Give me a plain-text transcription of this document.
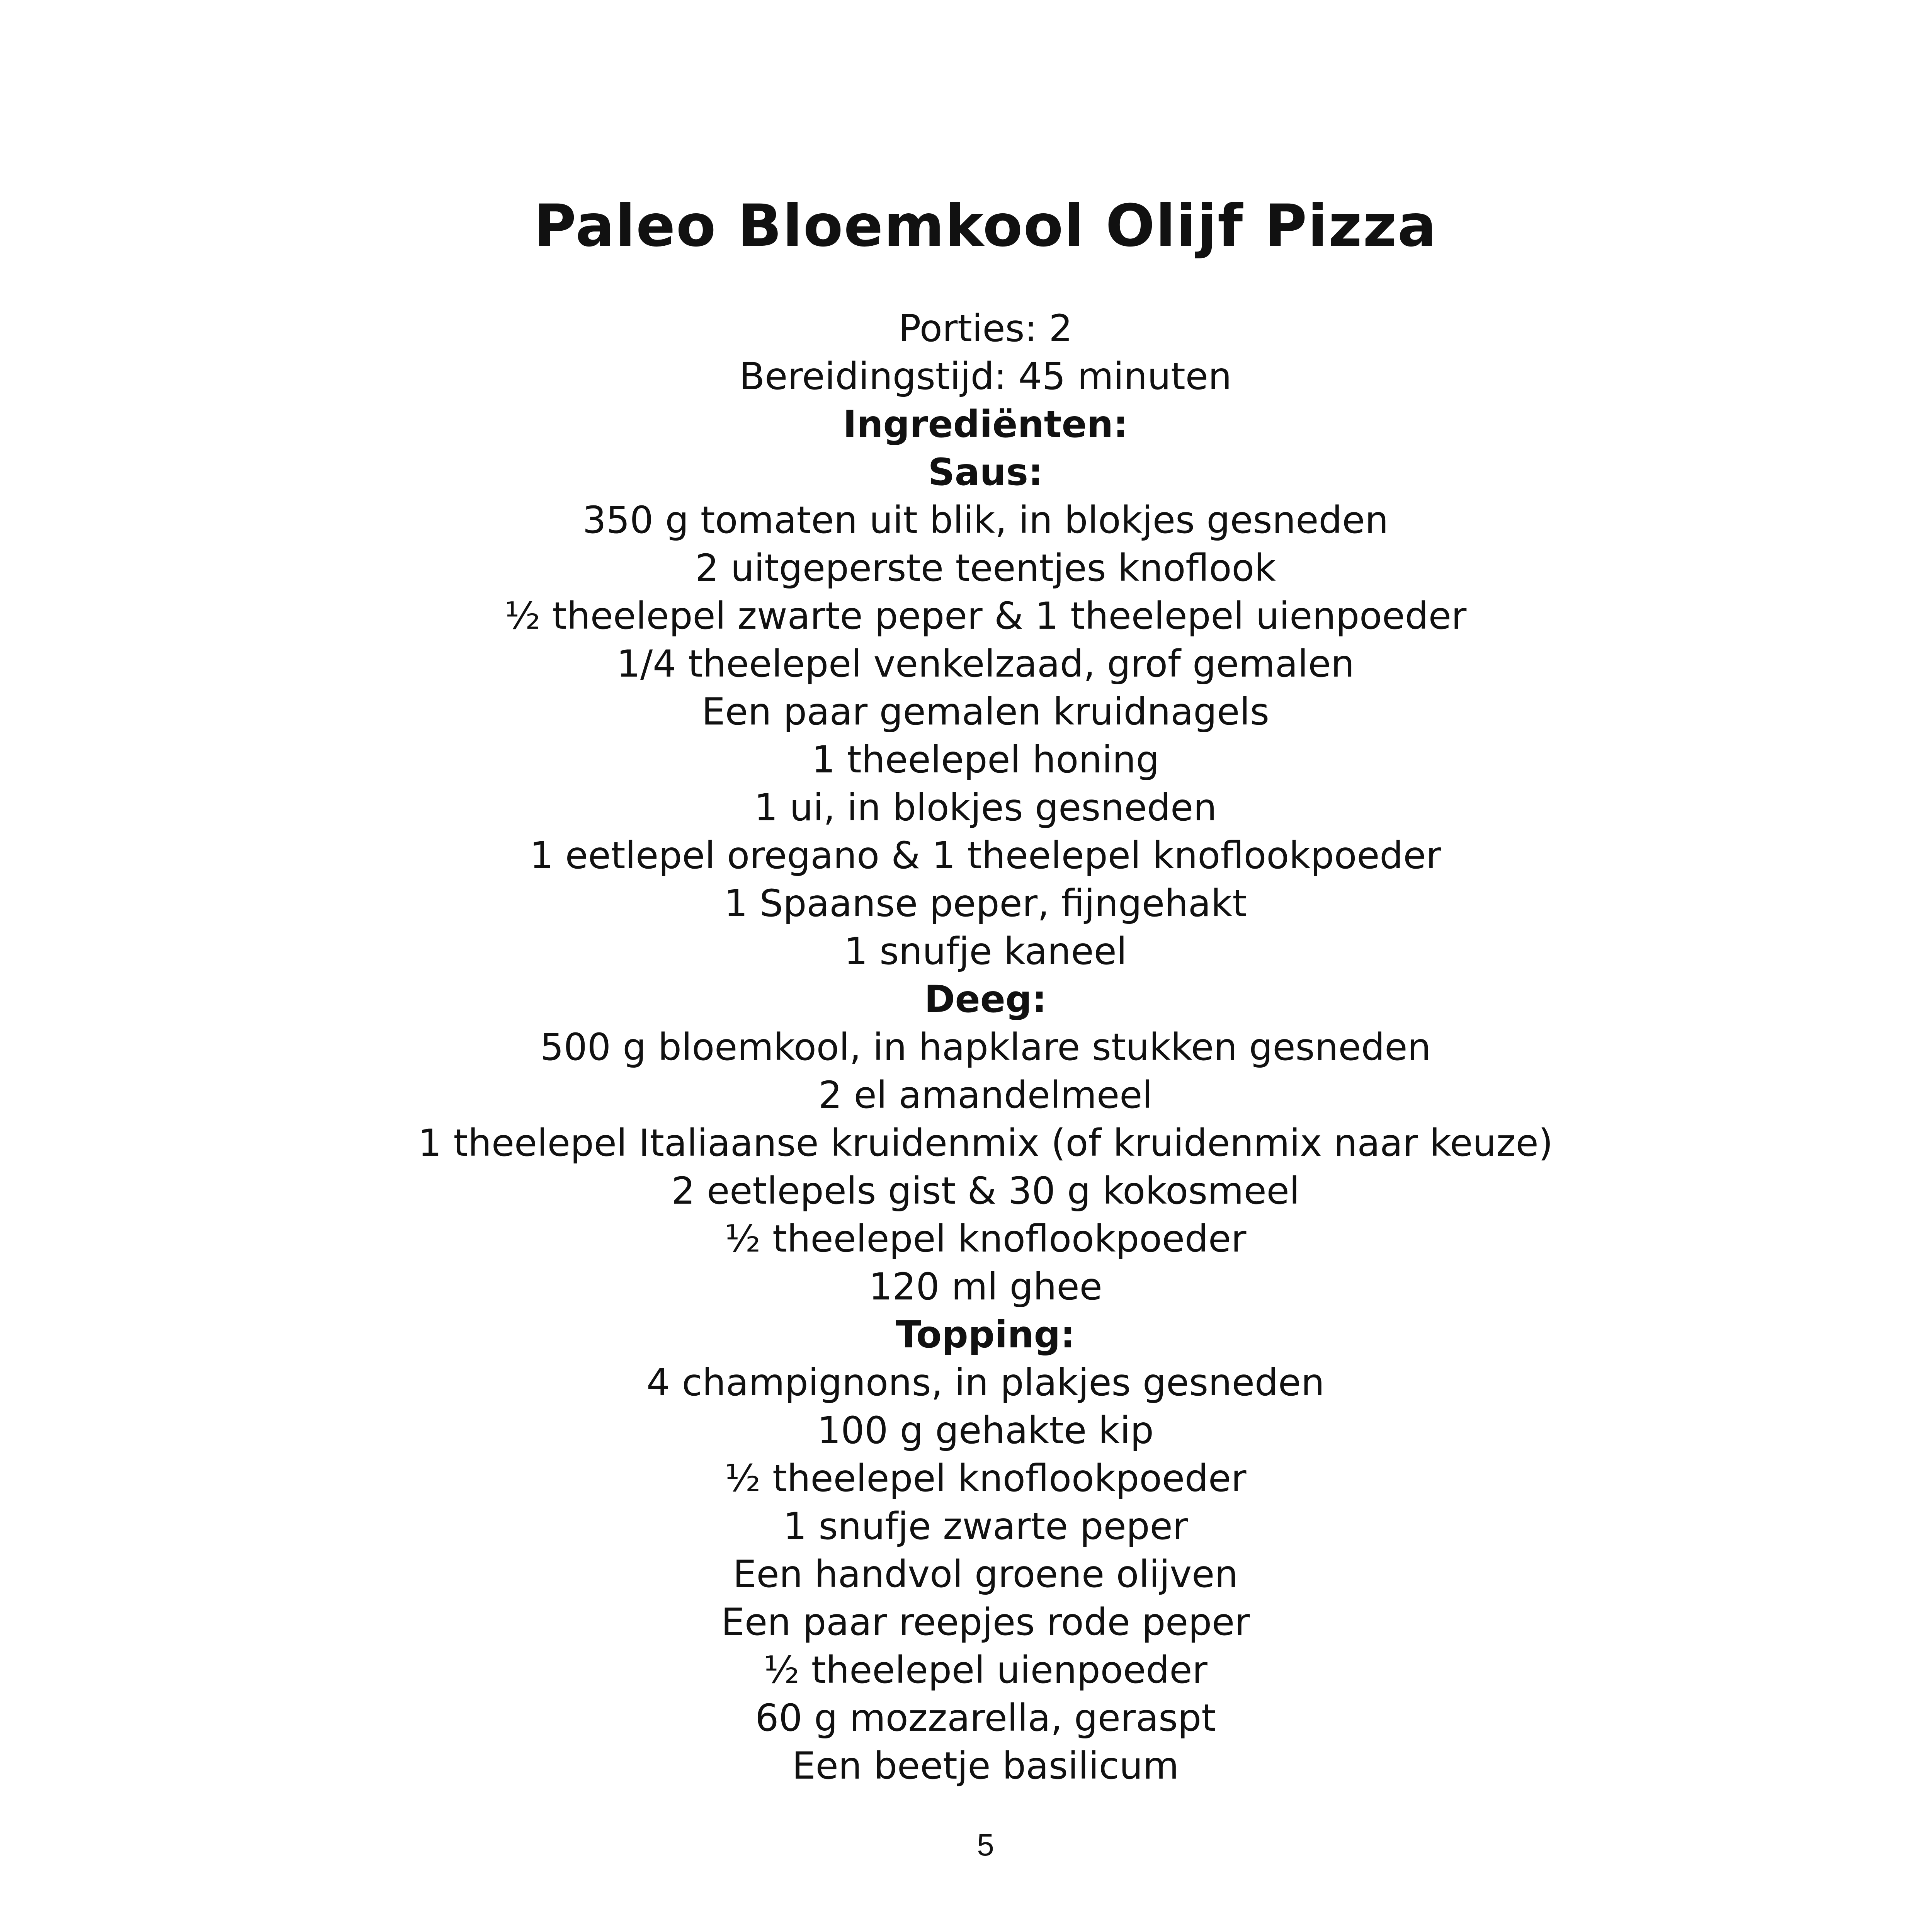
Paleo Bloemkool Olijf Pizza
Porties: 2
Bereidingstijd: 45 minuten
Ingrediënten:
Saus:
350 g tomaten uit blik, in blokjes gesneden
2 uitgeperste teentjes knoflook
½ theelepel zwarte peper & 1 theelepel uienpoeder
1/4 theelepel venkelzaad, grof gemalen
Een paar gemalen kruidnagels
1 theelepel honing
1 ui, in blokjes gesneden
1 eetlepel oregano & 1 theelepel knoflookpoeder
1 Spaanse peper, fijngehakt
1 snufje kaneel
Deeg:
500 g bloemkool, in hapklare stukken gesneden
2 el amandelmeel
1 theelepel Italiaanse kruidenmix (of kruidenmix naar keuze)
2 eetlepels gist & 30 g kokosmeel
½ theelepel knoflookpoeder
120 ml ghee
Topping:
4 champignons, in plakjes gesneden
100 g gehakte kip
½ theelepel knoflookpoeder
1 snufje zwarte peper
Een handvol groene olijven
Een paar reepjes rode peper
½ theelepel uienpoeder
60 g mozzarella, geraspt
Een beetje basilicum
5
